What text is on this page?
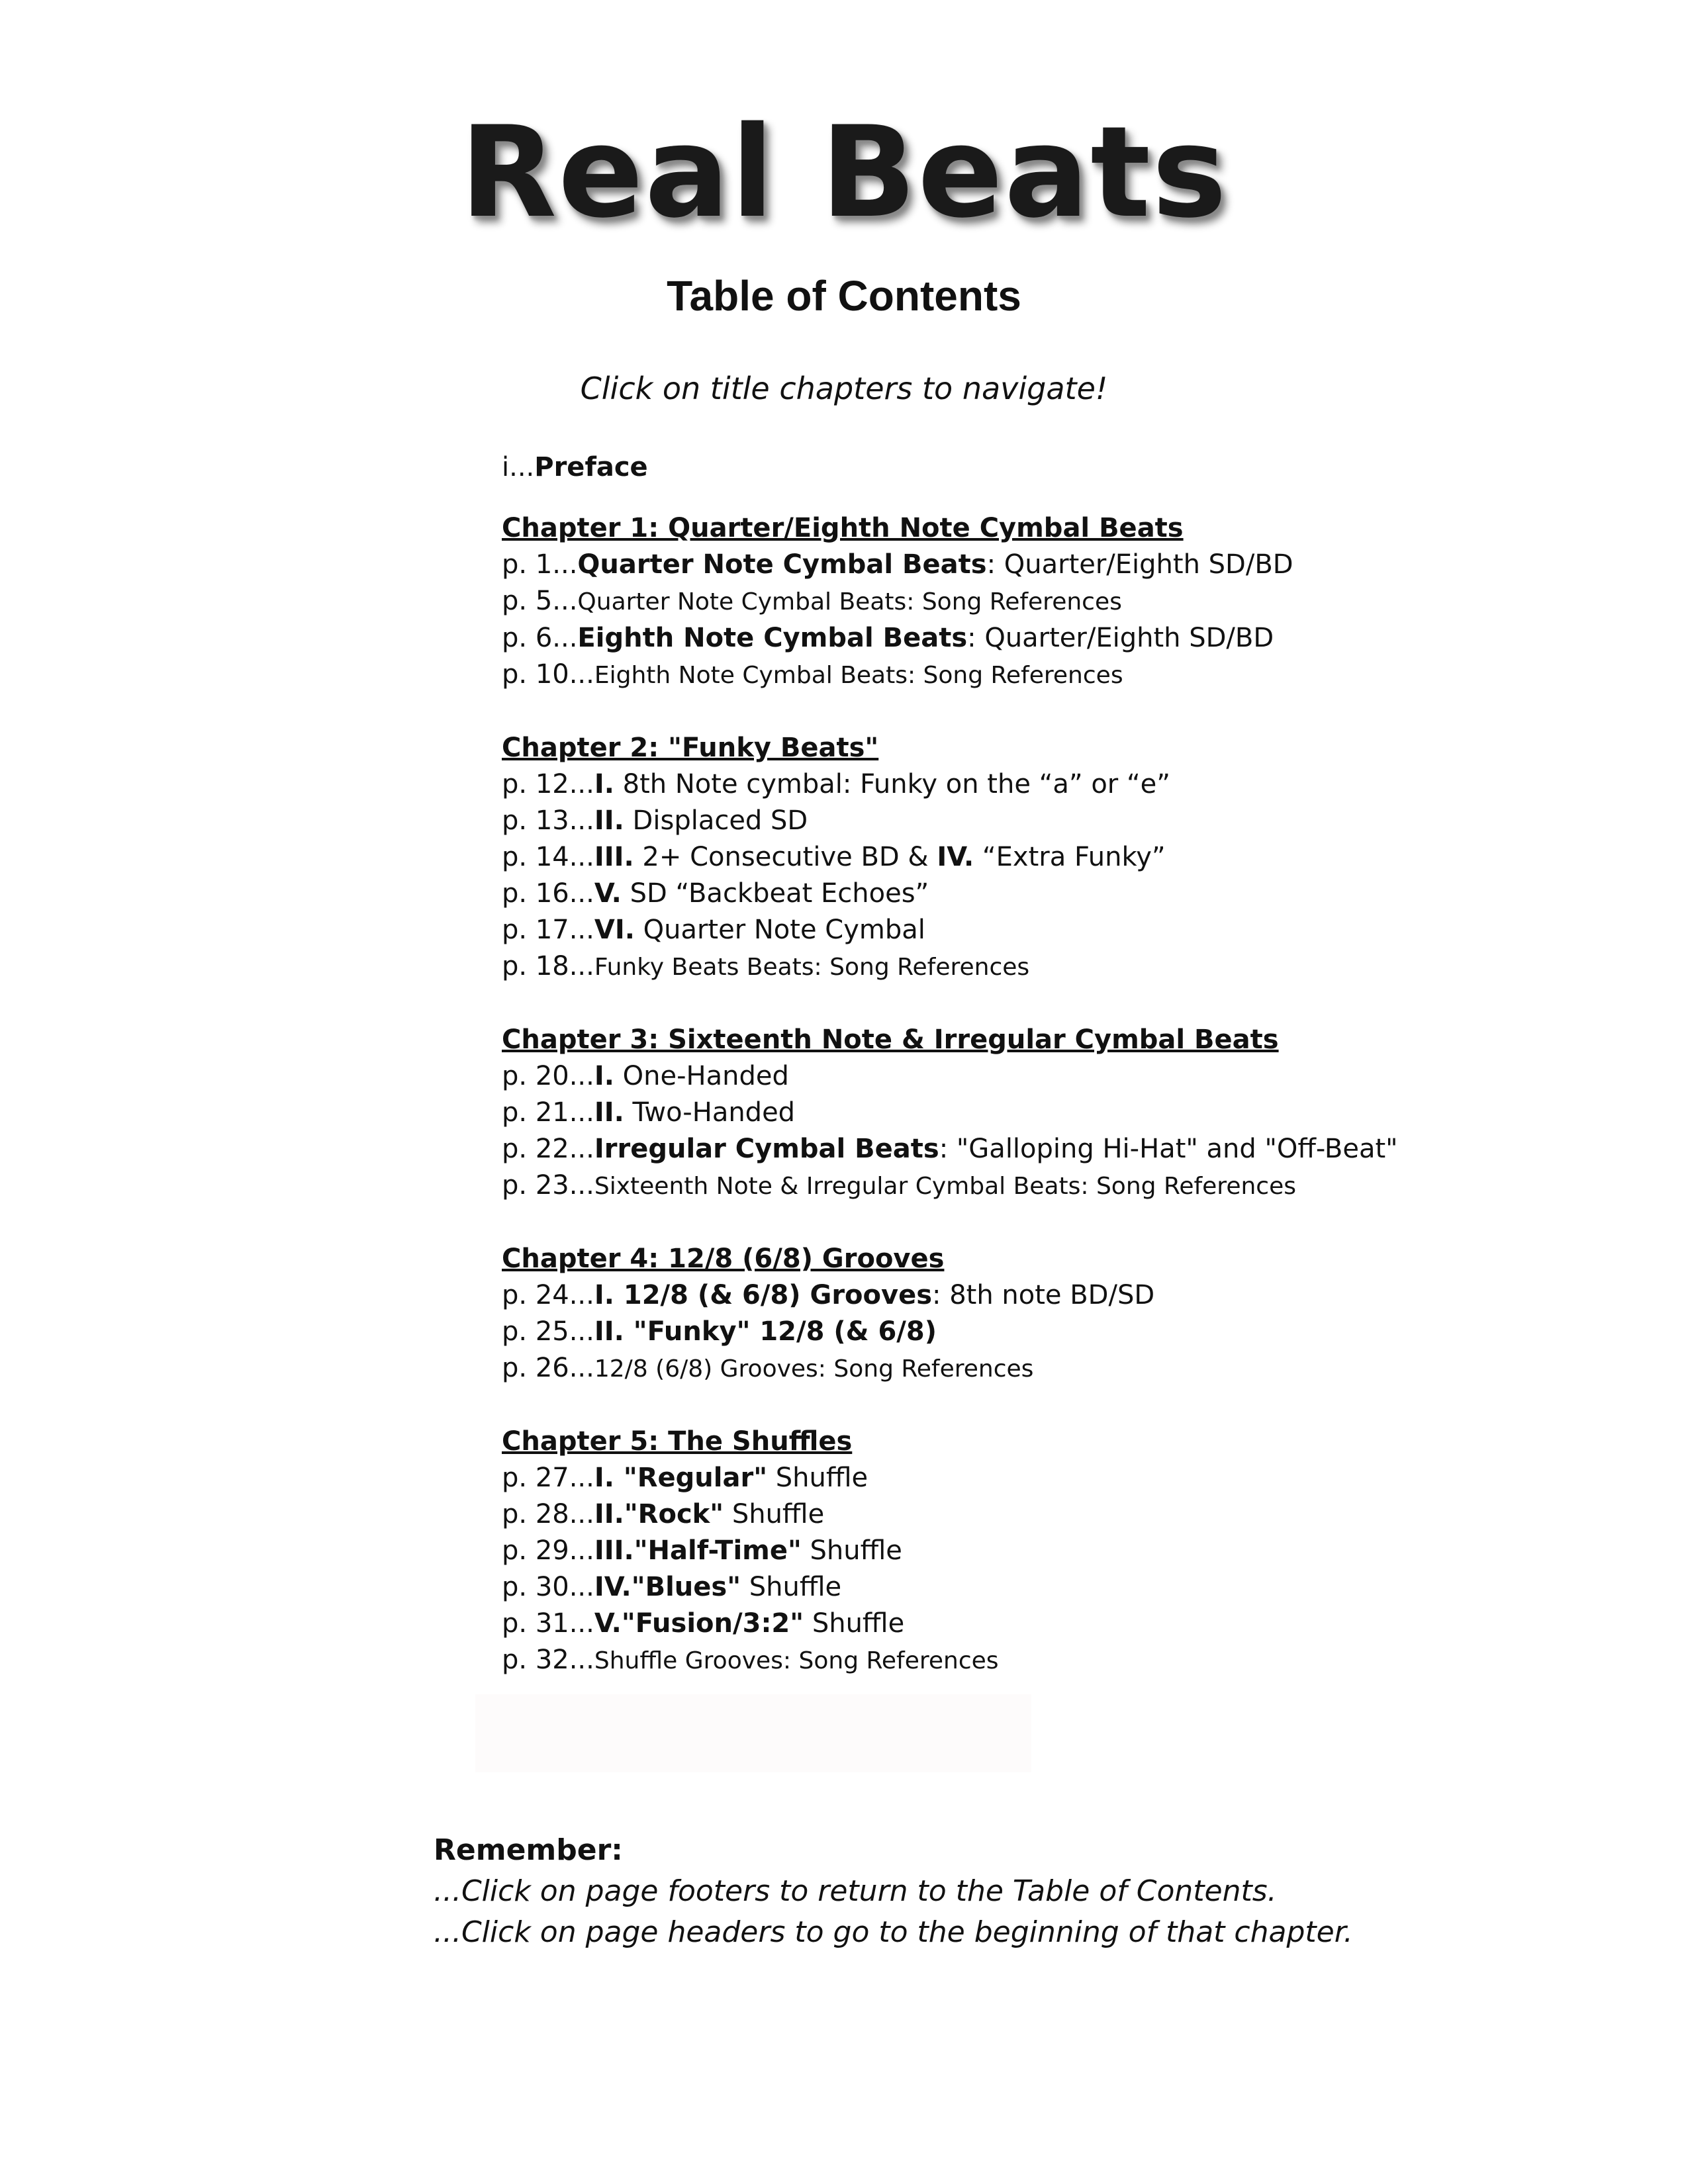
Real Beats
Table of Contents
Click on title chapters to navigate!
i...Preface
Chapter 1: Quarter/Eighth Note Cymbal Beats
p. 1...Quarter Note Cymbal Beats: Quarter/Eighth SD/BD
p. 5...Quarter Note Cymbal Beats: Song References
p. 6...Eighth Note Cymbal Beats: Quarter/Eighth SD/BD
p. 10...Eighth Note Cymbal Beats: Song References
Chapter 2: "Funky Beats"
p. 12...I. 8th Note cymbal: Funky on the “a” or “e”
p. 13...II. Displaced SD
p. 14...III. 2+ Consecutive BD & IV. “Extra Funky”
p. 16...V. SD “Backbeat Echoes”
p. 17...VI. Quarter Note Cymbal
p. 18...Funky Beats Beats: Song References
Chapter 3: Sixteenth Note & Irregular Cymbal Beats
p. 20...I. One-Handed
p. 21...II. Two-Handed
p. 22...Irregular Cymbal Beats: "Galloping Hi-Hat" and "Off-Beat"
p. 23...Sixteenth Note & Irregular Cymbal Beats: Song References
Chapter 4: 12/8 (6/8) Grooves
p. 24...I. 12/8 (& 6/8) Grooves: 8th note BD/SD
p. 25...II. "Funky" 12/8 (& 6/8)
p. 26...12/8 (6/8) Grooves: Song References
Chapter 5: The Shuffles
p. 27...I. "Regular" Shuffle
p. 28...II."Rock" Shuffle
p. 29...III."Half-Time" Shuffle
p. 30...IV."Blues" Shuffle
p. 31...V."Fusion/3:2" Shuffle
p. 32...Shuffle Grooves: Song References
Remember:
...Click on page footers to return to the Table of Contents.
...Click on page headers to go to the beginning of that chapter.
